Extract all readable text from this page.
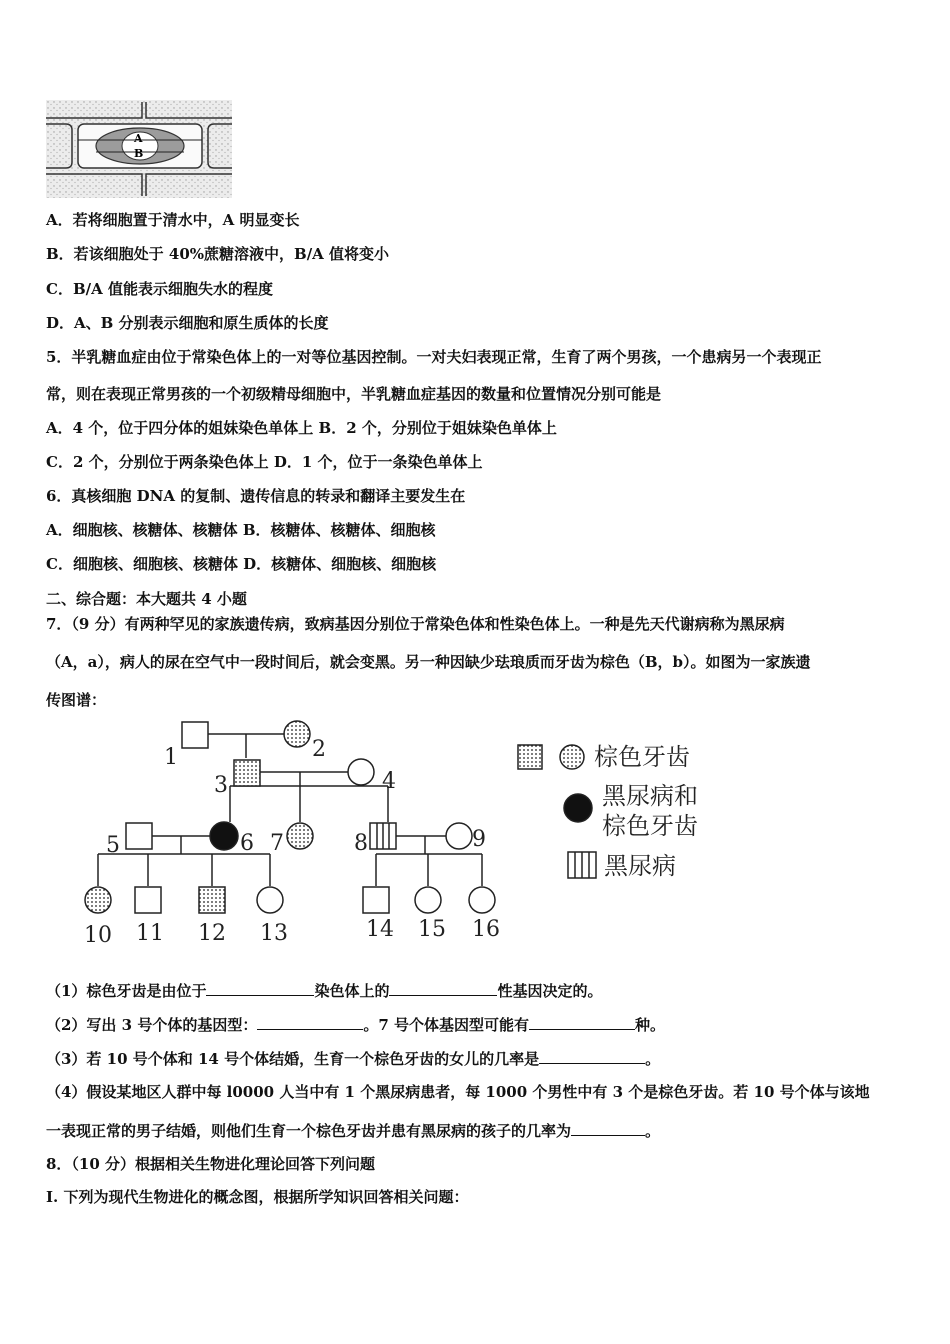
A
B
A．若将细胞置于清水中，A 明显变长
B．若该细胞处于 40%蔗糖溶液中，B/A 值将变小
C．B/A 值能表示细胞失水的程度
D．A、B 分别表示细胞和原生质体的长度
5．半乳糖血症由位于常染色体上的一对等位基因控制。一对夫妇表现正常，生育了两个男孩，一个患病另一个表现正
常，则在表现正常男孩的一个初级精母细胞中，半乳糖血症基因的数量和位置情况分别可能是
A．4 个，位于四分体的姐妹染色单体上 B．2 个，分别位于姐妹染色单体上
C．2 个，分别位于两条染色体上 D．1 个，位于一条染色单体上
6．真核细胞 DNA 的复制、遗传信息的转录和翻译主要发生在
A．细胞核、核糖体、核糖体 B．核糖体、核糖体、细胞核
C．细胞核、细胞核、核糖体 D．核糖体、细胞核、细胞核
二、综合题：本大题共 4 小题
7．（9 分）有两种罕见的家族遗传病，致病基因分别位于常染色体和性染色体上。一种是先天代谢病称为黑尿病
（A，a），病人的尿在空气中一段时间后，就会变黑。另一种因缺少珐琅质而牙齿为棕色（B，b）。如图为一家族遗
传图谱：
1	2
3	4
5	6 7	8	9
10 11 12 13	14 15 16
棕色牙齿
黑尿病和
棕色牙齿
黑尿病
（1）棕色牙齿是由位于	染色体上的	性基因决定的。
（2）写出 3 号个体的基因型：	。7 号个体基因型可能有	种。
（3）若 10 号个体和 14 号个体结婚，生育一个棕色牙齿的女儿的几率是	。
（4）假设某地区人群中每 l0000 人当中有 1 个黑尿病患者，每 1000 个男性中有 3 个是棕色牙齿。若 10 号个体与该地
一表现正常的男子结婚，则他们生育一个棕色牙齿并患有黑尿病的孩子的几率为	。
8．（10 分）根据相关生物进化理论回答下列问题
I. 下列为现代生物进化的概念图，根据所学知识回答相关问题：
